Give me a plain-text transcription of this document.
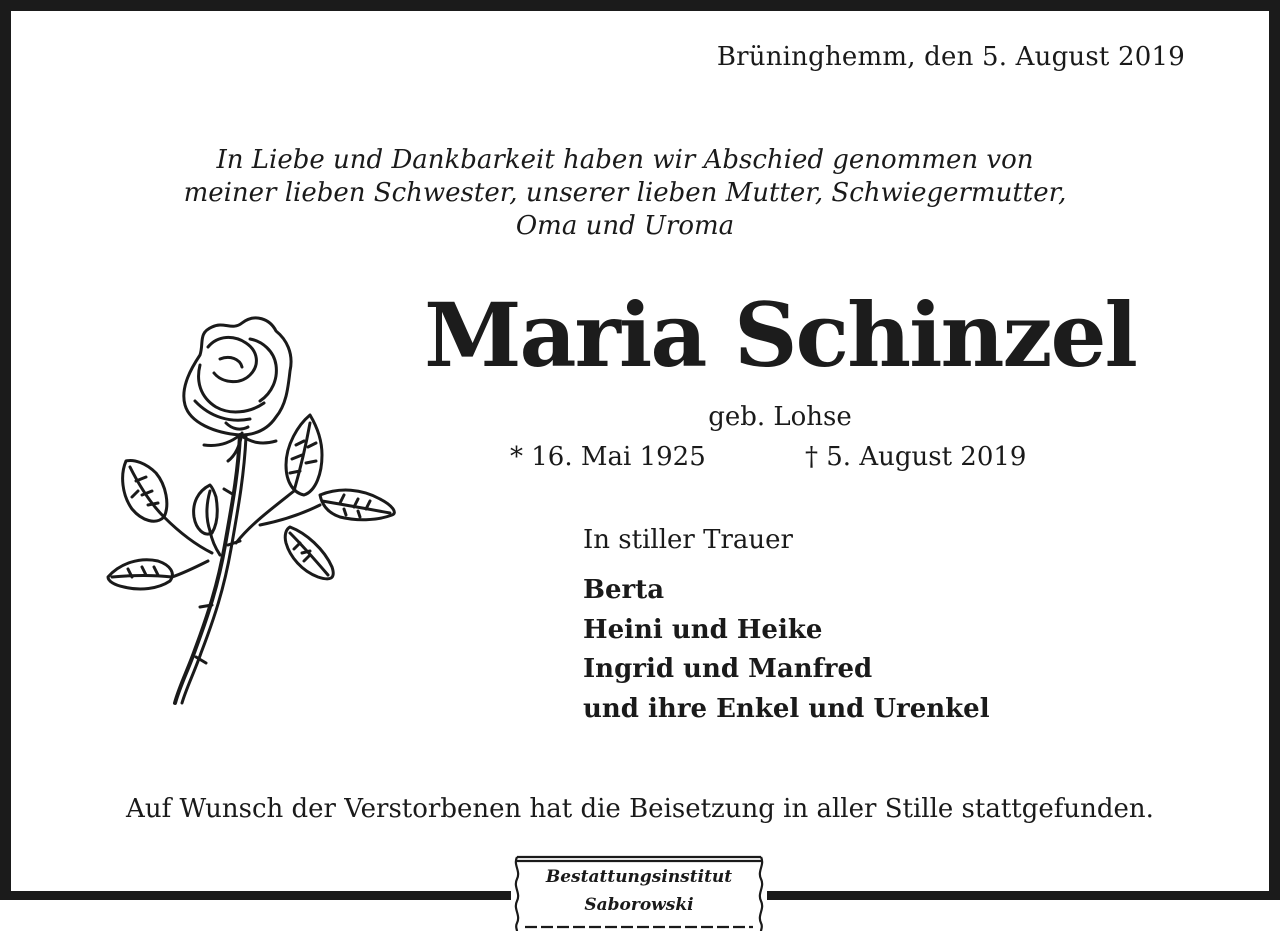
Brüninghemm, den 5. August 2019
In Liebe und Dankbarkeit haben wir Abschied genommen von
meiner lieben Schwester, unserer lieben Mutter, Schwiegermutter,
Oma und Uroma
Maria Schinzel
geb. Lohse
* 16. Mai 1925	† 5. August 2019
In stiller Trauer
Berta
Heini und Heike
Ingrid und Manfred
und ihre Enkel und Urenkel
Auf Wunsch der Verstorbenen hat die Beisetzung in aller Stille stattgefunden.
Bestattungsinstitut
Saborowski
